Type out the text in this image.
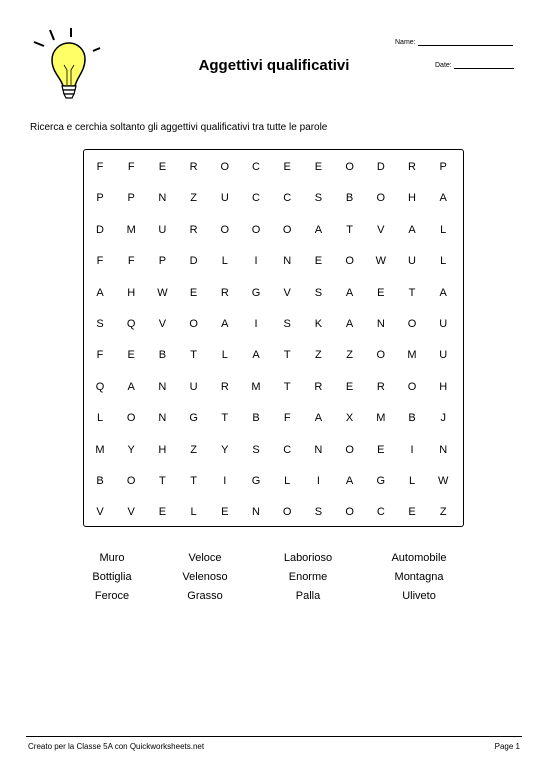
Aggettivi qualificativi
Name:
Date:
Ricerca e cerchia soltanto gli aggettivi qualificativi tra tutte le parole
F	F	E	R	O	C	E	E	O	D	R	P
P	P	N	Z	U	C	C	S	B	O	H	A
D	M	U	R	O	O	O	A	T	V	A	L
F	F	P	D	L	I	N	E	O	W	U	L
A	H	W	E	R	G	V	S	A	E	T	A
S	Q	V	O	A	I	S	K	A	N	O	U
F	E	B	T	L	A	T	Z	Z	O	M	U
Q	A	N	U	R	M	T	R	E	R	O	H
L	O	N	G	T	B	F	A	X	M	B	J
M	Y	H	Z	Y	S	C	N	O	E	I	N
B	O	T	T	I	G	L	I	A	G	L	W
V	V	E	L	E	N	O	S	O	C	E	Z
Muro	Veloce	Laborioso	Automobile
Bottiglia	Velenoso	Enorme	Montagna
Feroce	Grasso	Palla	Uliveto
Creato per la Classe 5A con Quickworksheets.net	Page 1
